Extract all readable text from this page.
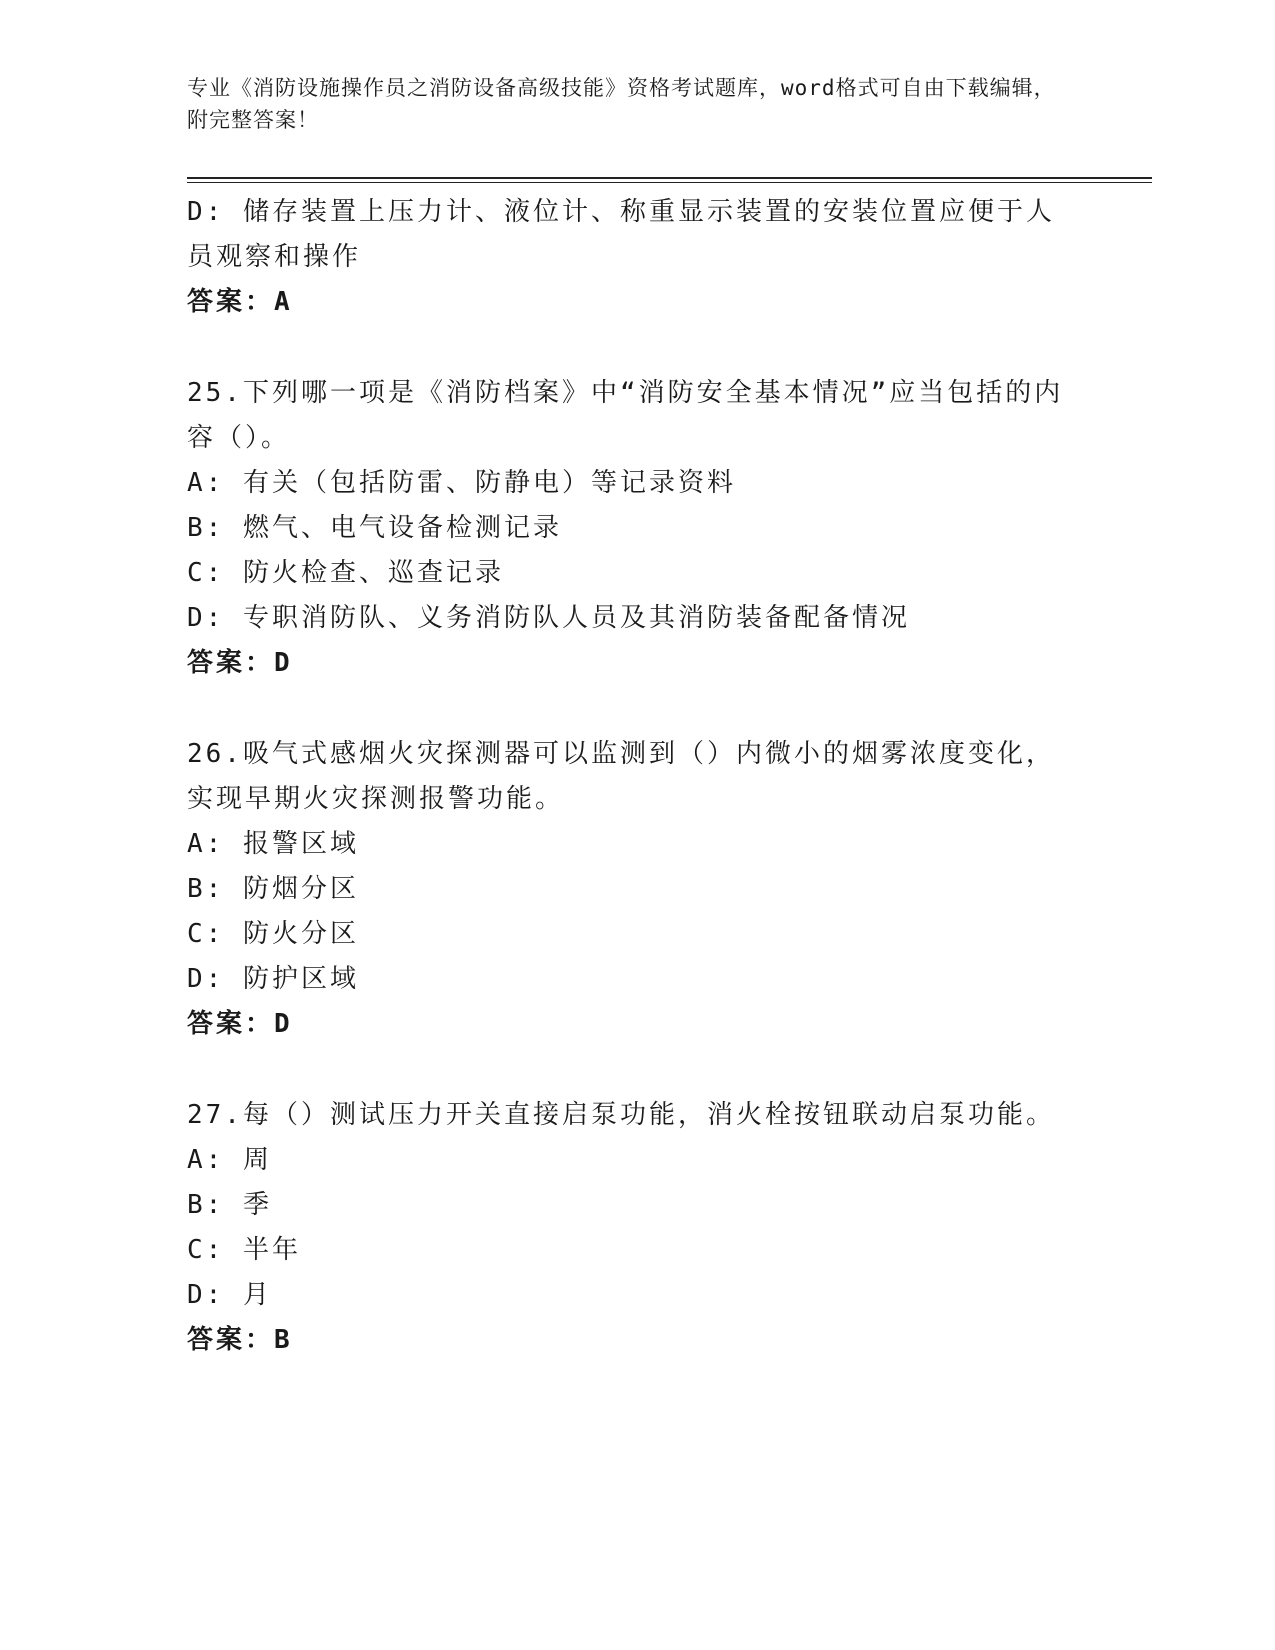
专业《消防设施操作员之消防设备高级技能》资格考试题库，word格式可自由下载编辑，附完整答案！

D: 储存装置上压力计、液位计、称重显示装置的安装位置应便于人员观察和操作

答案：A

25.下列哪一项是《消防档案》中“消防安全基本情况”应当包括的内容（）。

A: 有关（包括防雷、防静电）等记录资料

B: 燃气、电气设备检测记录

C: 防火检查、巡查记录

D: 专职消防队、义务消防队人员及其消防装备配备情况

答案：D

26.吸气式感烟火灾探测器可以监测到（）内微小的烟雾浓度变化，实现早期火灾探测报警功能。

A: 报警区域

B: 防烟分区

C: 防火分区

D: 防护区域

答案：D

27.每（）测试压力开关直接启泵功能，消火栓按钮联动启泵功能。

A: 周

B: 季

C: 半年

D: 月

答案：B
